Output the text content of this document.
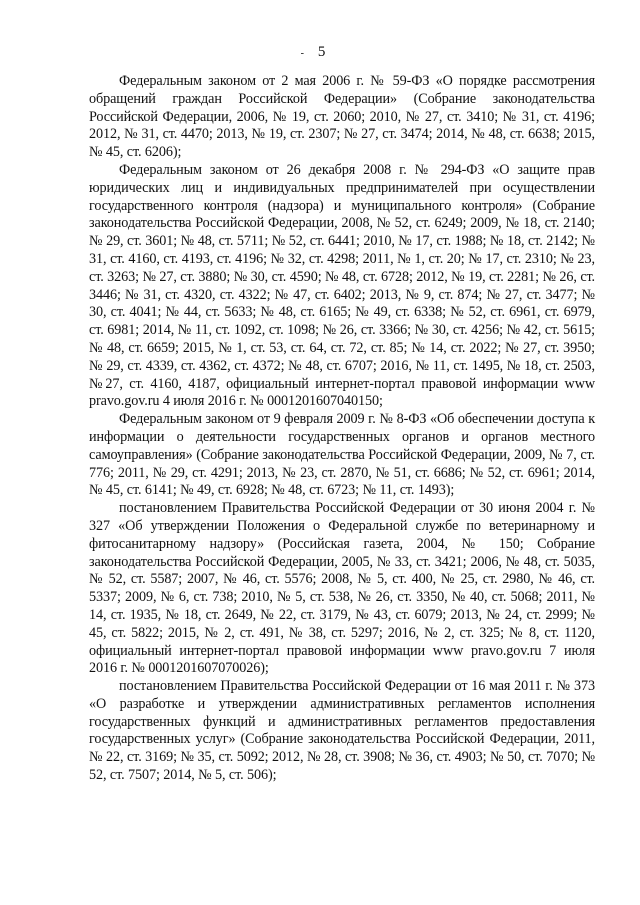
- 5

Федеральным законом от 2 мая 2006 г. № 59-ФЗ «О порядке рассмотрения обращений граждан Российской Федерации» (Собрание законодательства Российской Федерации, 2006, № 19, ст. 2060; 2010, № 27, ст. 3410; № 31, ст. 4196; 2012, № 31, ст. 4470; 2013, № 19, ст. 2307; № 27, ст. 3474; 2014, № 48, ст. 6638; 2015, № 45, ст. 6206);

Федеральным законом от 26 декабря 2008 г. № 294-ФЗ «О защите прав юридических лиц и индивидуальных предпринимателей при осуществлении государственного контроля (надзора) и муниципального контроля» (Собрание законодательства Российской Федерации, 2008, № 52, ст. 6249; 2009, № 18, ст. 2140; № 29, ст. 3601; № 48, ст. 5711; № 52, ст. 6441; 2010, № 17, ст. 1988; № 18, ст. 2142; № 31, ст. 4160, ст. 4193, ст. 4196; № 32, ст. 4298; 2011, № 1, ст. 20; № 17, ст. 2310; № 23, ст. 3263; № 27, ст. 3880; № 30, ст. 4590; № 48, ст. 6728; 2012, № 19, ст. 2281; № 26, ст. 3446; № 31, ст. 4320, ст. 4322; № 47, ст. 6402; 2013, № 9, ст. 874; № 27, ст. 3477; № 30, ст. 4041; № 44, ст. 5633; № 48, ст. 6165; № 49, ст. 6338; № 52, ст. 6961, ст. 6979, ст. 6981; 2014, № 11, ст. 1092, ст. 1098; № 26, ст. 3366; № 30, ст. 4256; № 42, ст. 5615; № 48, ст. 6659; 2015, № 1, ст. 53, ст. 64, ст. 72, ст. 85; № 14, ст. 2022; № 27, ст. 3950; № 29, ст. 4339, ст. 4362, ст. 4372; № 48, ст. 6707; 2016, № 11, ст. 1495, № 18, ст. 2503, №27, ст. 4160, 4187, официальный интернет-портал правовой информации www pravo.gov.ru 4 июля 2016 г. № 0001201607040150;

Федеральным законом от 9 февраля 2009 г. № 8-ФЗ «Об обеспечении доступа к информации о деятельности государственных органов и органов местного самоуправления» (Собрание законодательства Российской Федерации, 2009, № 7, ст. 776; 2011, № 29, ст. 4291; 2013, № 23, ст. 2870, № 51, ст. 6686; № 52, ст. 6961; 2014, № 45, ст. 6141; № 49, ст. 6928; № 48, ст. 6723; № 11, ст. 1493);

постановлением Правительства Российской Федерации от 30 июня 2004 г. № 327 «Об утверждении Положения о Федеральной службе по ветеринарному и фитосанитарному надзору» (Российская газета, 2004, № 150; Собрание законодательства Российской Федерации, 2005, № 33, ст. 3421; 2006, № 48, ст. 5035, № 52, ст. 5587; 2007, № 46, ст. 5576; 2008, № 5, ст. 400, № 25, ст. 2980, № 46, ст. 5337; 2009, № 6, ст. 738; 2010, № 5, ст. 538, № 26, ст. 3350, № 40, ст. 5068; 2011, № 14, ст. 1935, № 18, ст. 2649, № 22, ст. 3179, № 43, ст. 6079; 2013, № 24, ст. 2999; № 45, ст. 5822; 2015, № 2, ст. 491, № 38, ст. 5297; 2016, № 2, ст. 325; № 8, ст. 1120, официальный интернет-портал правовой информации www pravo.gov.ru 7 июля 2016 г. № 0001201607070026);

постановлением Правительства Российской Федерации от 16 мая 2011 г. № 373 «О разработке и утверждении административных регламентов исполнения государственных функций и административных регламентов предоставления государственных услуг» (Собрание законодательства Российской Федерации, 2011, № 22, ст. 3169; № 35, ст. 5092; 2012, № 28, ст. 3908; № 36, ст. 4903; № 50, ст. 7070; № 52, ст. 7507; 2014, № 5, ст. 506);
